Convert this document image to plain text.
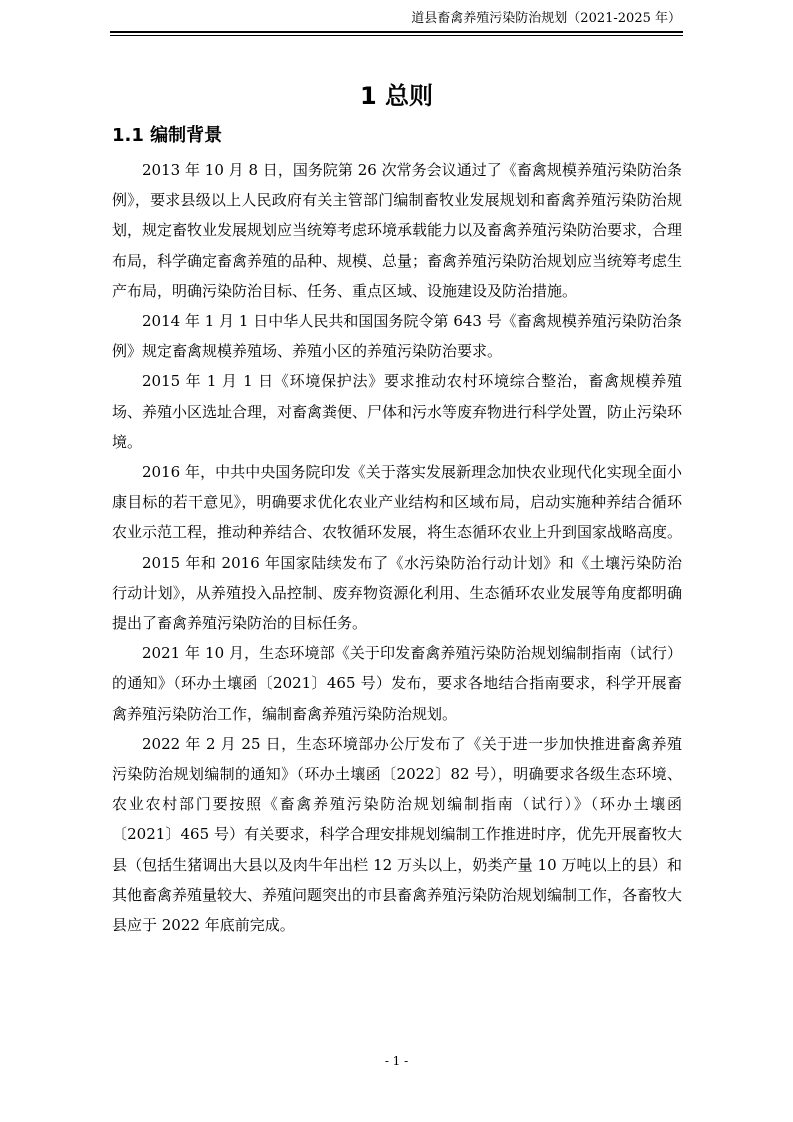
道县畜禽养殖污染防治规划（2021-2025 年）
1 总则
1.1 编制背景

2013 年 10 月 8 日，国务院第 26 次常务会议通过了《畜禽规模养殖污染防治条例》，要求县级以上人民政府有关主管部门编制畜牧业发展规划和畜禽养殖污染防治规划，规定畜牧业发展规划应当统筹考虑环境承载能力以及畜禽养殖污染防治要求，合理布局，科学确定畜禽养殖的品种、规模、总量；畜禽养殖污染防治规划应当统筹考虑生产布局，明确污染防治目标、任务、重点区域、设施建设及防治措施。

2014 年 1 月 1 日中华人民共和国国务院令第 643 号《畜禽规模养殖污染防治条例》规定畜禽规模养殖场、养殖小区的养殖污染防治要求。

2015 年 1 月 1 日《环境保护法》要求推动农村环境综合整治，畜禽规模养殖场、养殖小区选址合理，对畜禽粪便、尸体和污水等废弃物进行科学处置，防止污染环境。

2016 年，中共中央国务院印发《关于落实发展新理念加快农业现代化实现全面小康目标的若干意见》，明确要求优化农业产业结构和区域布局，启动实施种养结合循环农业示范工程，推动种养结合、农牧循环发展，将生态循环农业上升到国家战略高度。

2015 年和 2016 年国家陆续发布了《水污染防治行动计划》和《土壤污染防治行动计划》，从养殖投入品控制、废弃物资源化利用、生态循环农业发展等角度都明确提出了畜禽养殖污染防治的目标任务。

2021 年 10 月，生态环境部《关于印发畜禽养殖污染防治规划编制指南（试行）的通知》（环办土壤函〔2021〕465 号）发布，要求各地结合指南要求，科学开展畜禽养殖污染防治工作，编制畜禽养殖污染防治规划。

2022 年 2 月 25 日，生态环境部办公厅发布了《关于进一步加快推进畜禽养殖污染防治规划编制的通知》（环办土壤函〔2022〕82 号），明确要求各级生态环境、农业农村部门要按照《畜禽养殖污染防治规划编制指南（试行）》（环办土壤函〔2021〕465 号）有关要求，科学合理安排规划编制工作推进时序，优先开展畜牧大县（包括生猪调出大县以及肉牛年出栏 12 万头以上，奶类产量 10 万吨以上的县）和其他畜禽养殖量较大、养殖问题突出的市县畜禽养殖污染防治规划编制工作，各畜牧大县应于 2022 年底前完成。

- 1 -
